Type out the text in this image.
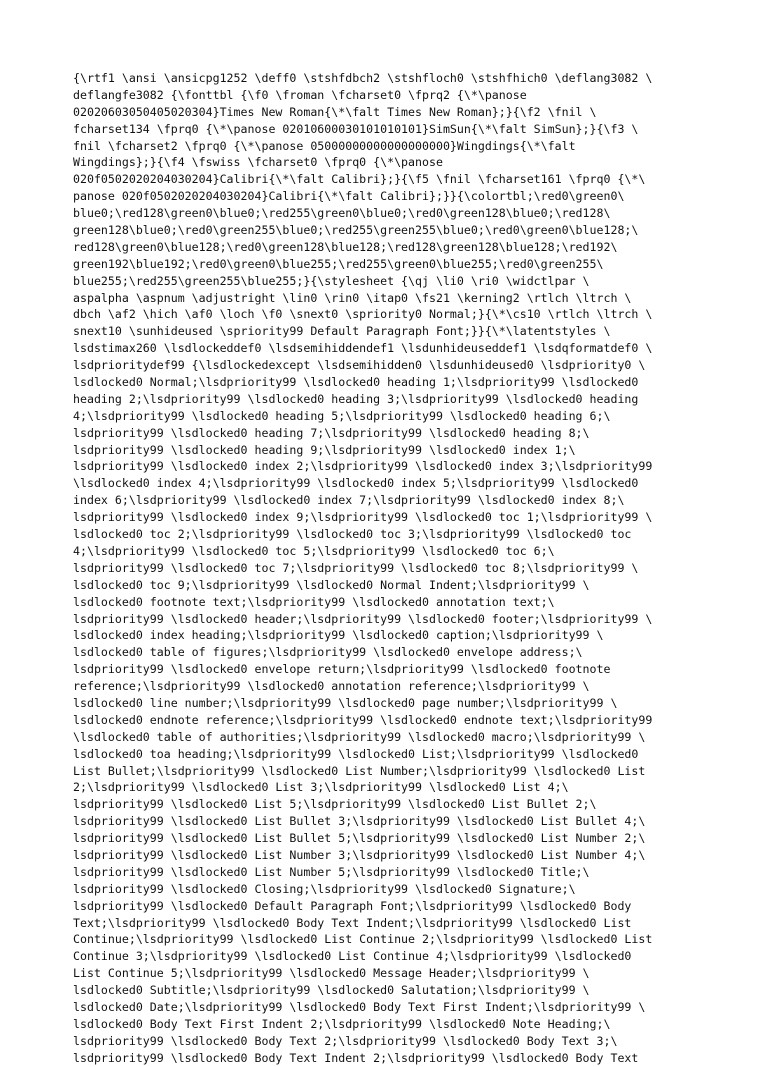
{\rtf1 \ansi \ansicpg1252 \deff0 \stshfdbch2 \stshfloch0 \stshfhich0 \deflang3082 \
deflangfe3082 {\fonttbl {\f0 \froman \fcharset0 \fprq2 {\*\panose
02020603050405020304}Times New Roman{\*\falt Times New Roman};}{\f2 \fnil \
fcharset134 \fprq0 {\*\panose 02010600030101010101}SimSun{\*\falt SimSun};}{\f3 \
fnil \fcharset2 \fprq0 {\*\panose 05000000000000000000}Wingdings{\*\falt
Wingdings};}{\f4 \fswiss \fcharset0 \fprq0 {\*\panose
020f0502020204030204}Calibri{\*\falt Calibri};}{\f5 \fnil \fcharset161 \fprq0 {\*\
panose 020f0502020204030204}Calibri{\*\falt Calibri};}}{\colortbl;\red0\green0\
blue0;\red128\green0\blue0;\red255\green0\blue0;\red0\green128\blue0;\red128\
green128\blue0;\red0\green255\blue0;\red255\green255\blue0;\red0\green0\blue128;\
red128\green0\blue128;\red0\green128\blue128;\red128\green128\blue128;\red192\
green192\blue192;\red0\green0\blue255;\red255\green0\blue255;\red0\green255\
blue255;\red255\green255\blue255;}{\stylesheet {\qj \li0 \ri0 \widctlpar \
aspalpha \aspnum \adjustright \lin0 \rin0 \itap0 \fs21 \kerning2 \rtlch \ltrch \
dbch \af2 \hich \af0 \loch \f0 \snext0 \spriority0 Normal;}{\*\cs10 \rtlch \ltrch \
snext10 \sunhideused \spriority99 Default Paragraph Font;}}{\*\latentstyles \
lsdstimax260 \lsdlockeddef0 \lsdsemihiddendef1 \lsdunhideuseddef1 \lsdqformatdef0 \
lsdprioritydef99 {\lsdlockedexcept \lsdsemihidden0 \lsdunhideused0 \lsdpriority0 \
lsdlocked0 Normal;\lsdpriority99 \lsdlocked0 heading 1;\lsdpriority99 \lsdlocked0
heading 2;\lsdpriority99 \lsdlocked0 heading 3;\lsdpriority99 \lsdlocked0 heading
4;\lsdpriority99 \lsdlocked0 heading 5;\lsdpriority99 \lsdlocked0 heading 6;\
lsdpriority99 \lsdlocked0 heading 7;\lsdpriority99 \lsdlocked0 heading 8;\
lsdpriority99 \lsdlocked0 heading 9;\lsdpriority99 \lsdlocked0 index 1;\
lsdpriority99 \lsdlocked0 index 2;\lsdpriority99 \lsdlocked0 index 3;\lsdpriority99
\lsdlocked0 index 4;\lsdpriority99 \lsdlocked0 index 5;\lsdpriority99 \lsdlocked0
index 6;\lsdpriority99 \lsdlocked0 index 7;\lsdpriority99 \lsdlocked0 index 8;\
lsdpriority99 \lsdlocked0 index 9;\lsdpriority99 \lsdlocked0 toc 1;\lsdpriority99 \
lsdlocked0 toc 2;\lsdpriority99 \lsdlocked0 toc 3;\lsdpriority99 \lsdlocked0 toc
4;\lsdpriority99 \lsdlocked0 toc 5;\lsdpriority99 \lsdlocked0 toc 6;\
lsdpriority99 \lsdlocked0 toc 7;\lsdpriority99 \lsdlocked0 toc 8;\lsdpriority99 \
lsdlocked0 toc 9;\lsdpriority99 \lsdlocked0 Normal Indent;\lsdpriority99 \
lsdlocked0 footnote text;\lsdpriority99 \lsdlocked0 annotation text;\
lsdpriority99 \lsdlocked0 header;\lsdpriority99 \lsdlocked0 footer;\lsdpriority99 \
lsdlocked0 index heading;\lsdpriority99 \lsdlocked0 caption;\lsdpriority99 \
lsdlocked0 table of figures;\lsdpriority99 \lsdlocked0 envelope address;\
lsdpriority99 \lsdlocked0 envelope return;\lsdpriority99 \lsdlocked0 footnote
reference;\lsdpriority99 \lsdlocked0 annotation reference;\lsdpriority99 \
lsdlocked0 line number;\lsdpriority99 \lsdlocked0 page number;\lsdpriority99 \
lsdlocked0 endnote reference;\lsdpriority99 \lsdlocked0 endnote text;\lsdpriority99
\lsdlocked0 table of authorities;\lsdpriority99 \lsdlocked0 macro;\lsdpriority99 \
lsdlocked0 toa heading;\lsdpriority99 \lsdlocked0 List;\lsdpriority99 \lsdlocked0
List Bullet;\lsdpriority99 \lsdlocked0 List Number;\lsdpriority99 \lsdlocked0 List
2;\lsdpriority99 \lsdlocked0 List 3;\lsdpriority99 \lsdlocked0 List 4;\
lsdpriority99 \lsdlocked0 List 5;\lsdpriority99 \lsdlocked0 List Bullet 2;\
lsdpriority99 \lsdlocked0 List Bullet 3;\lsdpriority99 \lsdlocked0 List Bullet 4;\
lsdpriority99 \lsdlocked0 List Bullet 5;\lsdpriority99 \lsdlocked0 List Number 2;\
lsdpriority99 \lsdlocked0 List Number 3;\lsdpriority99 \lsdlocked0 List Number 4;\
lsdpriority99 \lsdlocked0 List Number 5;\lsdpriority99 \lsdlocked0 Title;\
lsdpriority99 \lsdlocked0 Closing;\lsdpriority99 \lsdlocked0 Signature;\
lsdpriority99 \lsdlocked0 Default Paragraph Font;\lsdpriority99 \lsdlocked0 Body
Text;\lsdpriority99 \lsdlocked0 Body Text Indent;\lsdpriority99 \lsdlocked0 List
Continue;\lsdpriority99 \lsdlocked0 List Continue 2;\lsdpriority99 \lsdlocked0 List
Continue 3;\lsdpriority99 \lsdlocked0 List Continue 4;\lsdpriority99 \lsdlocked0
List Continue 5;\lsdpriority99 \lsdlocked0 Message Header;\lsdpriority99 \
lsdlocked0 Subtitle;\lsdpriority99 \lsdlocked0 Salutation;\lsdpriority99 \
lsdlocked0 Date;\lsdpriority99 \lsdlocked0 Body Text First Indent;\lsdpriority99 \
lsdlocked0 Body Text First Indent 2;\lsdpriority99 \lsdlocked0 Note Heading;\
lsdpriority99 \lsdlocked0 Body Text 2;\lsdpriority99 \lsdlocked0 Body Text 3;\
lsdpriority99 \lsdlocked0 Body Text Indent 2;\lsdpriority99 \lsdlocked0 Body Text
